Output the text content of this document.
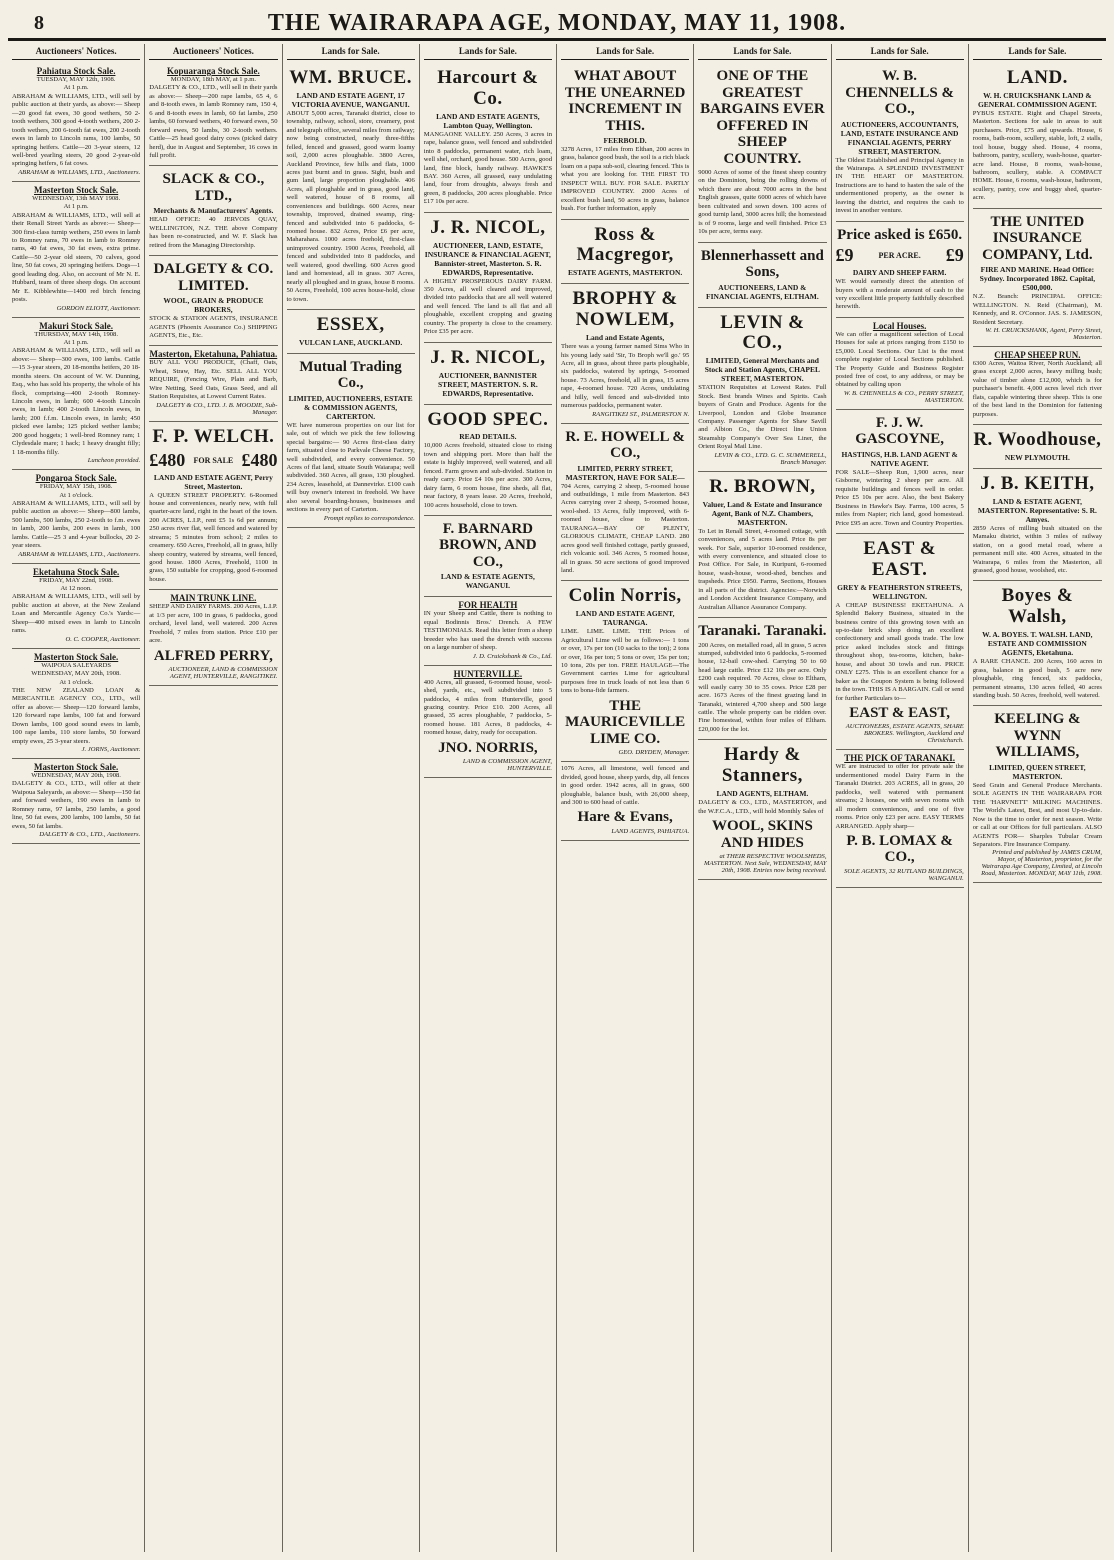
8	THE WAIRARAPA AGE, MONDAY, MAY 11, 1908.
Auctioneers' Notices.
Pahiatua Stock Sale.
TUESDAY, MAY 12th, 1908.
At 1 p.m.
ABRAHAM & WILLIAMS, LTD., will sell by public auction at their yards, as above:— Sheep—20 good fat ewes, 30 good wethers, 50 2-tooth wethers, 300 good 4-tooth wethers, 200 2-tooth wethers, 200 6-tooth fat ewes, 200 2-tooth ewes in lamb to Lincoln rams, 100 lambs, 50 springing heifers. Cattle—20 3-year steers, 12 well-bred yearling steers, 20 good 2-year-old springing heifers, 6 fat cows.
ABRAHAM & WILLIAMS, LTD., Auctioneers.
Masterton Stock Sale.
WEDNESDAY, 13th MAY 1908.
At 1 p.m.
ABRAHAM & WILLIAMS, LTD., will sell at their Renall Street Yards as above:— Sheep—300 first-class turnip wethers, 250 ewes in lamb to Romney rams, 70 ewes in lamb to Romney rams, 40 fat ewes, 30 fat ewes, extra prime. Cattle—50 2-year old steers, 70 calves, good line, 50 fat cows, 20 springing heifers. Dogs—1 good leading dog. Also, on account of Mr N. E. Hubbard, team of three sheep dogs. On account Mr E. Kibblewhite—1400 red birch fencing posts.
GORDON ELIOTT, Auctioneer.
Makuri Stock Sale.
THURSDAY, MAY 14th, 1908.
At 1 p.m.
ABRAHAM & WILLIAMS, LTD., will sell as above:— Sheep—300 ewes, 100 lambs. Cattle—15 3-year steers, 20 18-months heifers, 20 18-months steers. On account of W. W. Dunning, Esq., who has sold his property, the whole of his flock, comprising—400 2-tooth Romney-Lincoln ewes, in lamb; 600 4-tooth Lincoln ewes, in lamb; 400 2-tooth Lincoln ewes, in lamb; 200 f.f.m. Lincoln ewes, in lamb; 450 picked ewe lambs; 125 picked wether lambs; 200 good hoggets; 1 well-bred Romney ram; 1 Clydesdale mare; 1 hack; 1 heavy draught filly; 1 18-months filly.
Luncheon provided.
Pongaroa Stock Sale.
FRIDAY, MAY 15th, 1908.
At 1 o'clock.
ABRAHAM & WILLIAMS, LTD., will sell by public auction as above:— Sheep—800 lambs, 500 lambs, 500 lambs, 250 2-tooth to f.m. ewes in lamb, 200 lambs, 200 ewes in lamb, 100 lambs. Cattle—25 3 and 4-year bullocks, 20 2-year steers.
ABRAHAM & WILLIAMS, LTD., Auctioneers.
Eketahuna Stock Sale.
FRIDAY, MAY 22nd, 1908.
At 12 noon.
ABRAHAM & WILLIAMS, LTD., will sell by public auction at above, at the New Zealand Loan and Mercantile Agency Co.'s Yards:— Sheep—400 mixed ewes in lamb to Lincoln rams.
O. C. COOPER, Auctioneer.
Masterton Stock Sale.
WAIPOUA SALEYARDS
WEDNESDAY, MAY 20th, 1908.
At 1 o'clock.
THE NEW ZEALAND LOAN & MERCANTILE AGENCY CO., LTD., will offer as above:— Sheep—120 forward lambs, 120 forward rape lambs, 100 fat and forward Down lambs, 100 good sound ewes in lamb, 100 rape lambs, 110 store lambs, 50 forward empty ewes, 25 3-year steers.
J. JORNS, Auctioneer.
Masterton Stock Sale.
WEDNESDAY, MAY 20th, 1908.
DALGETY & CO., LTD., will offer at their Waipoua Saleyards, as above:— Sheep—150 fat and forward wethers, 190 ewes in lamb to Romney rams, 97 lambs, 250 lambs, a good line, 50 fat ewes, 200 lambs, 100 lambs, 50 fat ewes, 50 fat lambs.
DALGETY & CO., LTD., Auctioneers.
Auctioneers' Notices.
Kopuaranga Stock Sale.
MONDAY, 18th MAY, at 1 p.m.
DALGETY & CO., LTD., will sell in their yards as above:— Sheep—200 rape lambs, 65 4, 6 and 8-tooth ewes, in lamb Romney ram, 150 4, 6 and 8-tooth ewes in lamb, 60 fat lambs, 250 lambs, 60 forward wethers, 40 forward ewes, 50 forward ewes, 50 lambs, 30 2-tooth wethers. Cattle—25 head good dairy cows (picked dairy herd), due in August and September, 16 cows in full profit.
SLACK & CO., LTD.,
Merchants & Manufacturers' Agents.
HEAD OFFICE: 40 JERVOIS QUAY, WELLINGTON, N.Z. THE above Company has been re-constructed, and W. F. Slack has retired from the Managing Directorship.
DALGETY & CO. LIMITED.
WOOL, GRAIN & PRODUCE BROKERS,
STOCK & STATION AGENTS, INSURANCE AGENTS (Phoenix Assurance Co.) SHIPPING AGENTS, Etc., Etc.
Masterton, Eketahuna, Pahiatua.
BUY ALL YOU PRODUCE, (Chaff, Oats, Wheat, Straw, Hay, Etc. SELL ALL YOU REQUIRE, (Fencing Wire, Plain and Barb, Wire Netting, Seed Oats, Grass Seed, and all Station Requisites, at Lowest Current Rates.
DALGETY & CO., LTD. J. B. MOODIE, Sub-Manager.
F. P. WELCH.
£480 FOR SALE £480
LAND AND ESTATE AGENT, Perry Street, Masterton.
A QUEEN STREET PROPERTY. 6-Roomed house and conveniences, nearly new, with full quarter-acre land, right in the heart of the town. 200 ACRES, L.I.P., rent £5 1s 6d per annum; 250 acres river flat, well fenced and watered by streams; 5 minutes from school; 2 miles to creamery. 650 Acres, Freehold, all in grass, hilly sheep country, watered by streams, well fenced, good house. 1800 Acres, Freehold, 1100 in grass, 150 suitable for cropping, good 6-roomed house.
MAIN TRUNK LINE.
SHEEP AND DAIRY FARMS. 200 Acres, L.I.P. at 1/3 per acre, 100 in grass, 6 paddocks, good orchard, level land, well watered. 200 Acres Freehold, 7 miles from station. Price £10 per acre.
ALFRED PERRY,
AUCTIONEER, LAND & COMMISSION AGENT, HUNTERVILLE, RANGITIKEI.
Lands for Sale.
WM. BRUCE.
LAND AND ESTATE AGENT, 17 VICTORIA AVENUE, WANGANUI.
ABOUT 5,000 acres, Taranaki district, close to township, railway, school, store, creamery, post and telegraph office, several miles from railway; now being constructed, nearly three-fifths felled, fenced and grassed, good warm loamy soil, 2,000 acres ploughable. 3800 Acres, Auckland Province, few hills and flats, 1000 acres just burnt and in grass. Sight, bush and gum land, large proportion ploughable. 406 Acres, all ploughable and in grass, good land, well watered, house of 8 rooms, all conveniences and buildings. 600 Acres, near township, improved, drained swamp, ring-fenced and subdivided into 6 paddocks, 6-roomed house. 832 Acres, Price £6 per acre, Maharahara. 1000 acres freehold, first-class unimproved country. 1900 Acres, Freehold, all fenced and subdivided into 8 paddocks, and well watered, good dwelling. 600 Acres good land and homestead, all in grass. 307 Acres, nearly all ploughed and in grass, house 8 rooms. 50 Acres, Freehold, 100 acres house-hold, close to town.
ESSEX,
VULCAN LANE, AUCKLAND.
Mutual Trading Co.,
LIMITED, AUCTIONEERS, ESTATE & COMMISSION AGENTS, CARTERTON.
WE have numerous properties on our list for sale, out of which we pick the few following special bargains:— 90 Acres first-class dairy farm, situated close to Parkvale Cheese Factory, well subdivided, and every convenience. 50 Acres of flat land, situate South Waiarapa; well subdivided. 360 Acres, all grass, 130 ploughed. 234 Acres, leasehold, at Dannevirke. £100 cash will buy owner's interest in freehold. We have also several boarding-houses, businesses and sections in every part of Carterton.
Prompt replies to correspondence.
Lands for Sale.
Harcourt & Co.
LAND AND ESTATE AGENTS, Lambton Quay, Wellington.
MANGAONE VALLEY. 250 Acres, 3 acres in rape, balance grass, well fenced and subdivided into 8 paddocks, permanent water, rich loam, well shel, orchard, good house. 500 Acres, good land, fine block, handy railway. HAWKE'S BAY. 360 Acres, all grassed, easy undulating land, four from droughts, always fresh and green, 8 paddocks, 200 acres ploughable. Price £17 10s per acre.
J. R. NICOL,
AUCTIONEER, LAND, ESTATE, INSURANCE & FINANCIAL AGENT, Bannister-street, Masterton. S. R. EDWARDS, Representative.
A HIGHLY PROSPEROUS DAIRY FARM. 350 Acres, all well cleared and improved, divided into paddocks that are all well watered and well fenced. The land is all flat and all ploughable, excellent cropping and grazing country. The property is close to the creamery. Price £35 per acre.
J. R. NICOL,
AUCTIONEER, BANNISTER STREET, MASTERTON. S. R. EDWARDS, Representative.
GOOD SPEC.
READ DETAILS.
10,000 Acres freehold, situated close to rising town and shipping port. More than half the estate is highly improved, well watered, and all fenced. Farm grown and sub-divided. Station in ready carry. Price £4 10s per acre. 300 Acres, dairy farm, 6 room house, fine sheds, all flat, near factory, 8 years lease. 20 Acres, freehold, 100 acres household, close to town.
F. BARNARD BROWN, AND CO.,
LAND & ESTATE AGENTS, WANGANUI.
FOR HEALTH
IN your Sheep and Cattle, there is nothing to equal Bodinnis Bros.' Drench. A FEW TESTIMONIALS. Read this letter from a sheep breeder who has used the drench with success on a large number of sheep.
J. D. Cruickshank & Co., Ltd.
HUNTERVILLE.
400 Acres, all grassed, 6-roomed house, wool-shed, yards, etc., well subdivided into 5 paddocks, 4 miles from Hunterville, good grazing country. Price £10. 200 Acres, all grassed, 35 acres ploughable, 7 paddocks, 5-roomed house. 181 Acres, 8 paddocks, 4-roomed house, dairy, ready for occupation.
JNO. NORRIS,
LAND & COMMISSION AGENT, HUNTERVILLE.
Lands for Sale.
WHAT ABOUT THE UNEARNED INCREMENT IN THIS.
FEERBOLD.
3278 Acres, 17 miles from Elthan, 200 acres in grass, balance good bush, the soil is a rich black loam on a papa sub-soil, clearing fenced. This is what you are looking for. THE FIRST TO INSPECT WILL BUY. FOR SALE. PARTLY IMPROVED COUNTRY. 2000 Acres of excellent bush land, 50 acres in grass, balance bush. For further information, apply
Ross & Macgregor,
ESTATE AGENTS, MASTERTON.
BROPHY & NOWLEM,
Land and Estate Agents,
There was a young farmer named Sims Who in his young lady said 'Sir, To Broph we'll go.' 95 Acre, all in grass, about three parts ploughable, six paddocks, watered by springs, 5-roomed house. 73 Acres, freehold, all in grass, 15 acres rape, 4-roomed house. 720 Acres, undulating and hilly, well fenced and sub-divided into numerous paddocks, permanent water.
RANGITIKEI ST., PALMERSTON N.
R. E. HOWELL & CO.,
LIMITED, PERRY STREET, MASTERTON, HAVE FOR SALE—
704 Acres, carrying 2 sheep, 5-roomed house and outbuildings, 1 mile from Masterton. 843 Acres carrying over 2 sheep, 5-roomed house, wool-shed. 13 Acres, fully improved, with 6-roomed house, close to Masterton. TAURANGA—BAY OF PLENTY, GLORIOUS CLIMATE, CHEAP LAND. 280 acres good well finished cottage, partly grassed, rich volcanic soil. 346 Acres, 5 roomed house, all in grass. 50 acre sections of good improved land.
Colin Norris,
LAND AND ESTATE AGENT, TAURANGA.
LIME. LIME. LIME. THE Prices of Agricultural Lime will be as follows:— 1 tons or over, 17s per ton (10 sacks to the ton); 2 tons or over, 16s per ton; 5 tons or over, 15s per ton; 10 tons, 20s per ton. FREE HAULAGE—The Government carries Lime for agricultural purposes free in truck loads of not less than 6 tons to bona-fide farmers.
THE MAURICEVILLE LIME CO.
GEO. DRYDEN, Manager.
1076 Acres, all limestone, well fenced and divided, good house, sheep yards, dip, all fences in good order. 1942 acres, all in grass, 600 ploughable, balance bush, with 26,000 sheep, and 300 to 600 head of cattle.
Hare & Evans,
LAND AGENTS, PAHIATUA.
Lands for Sale.
ONE OF THE GREATEST BARGAINS EVER OFFERED IN SHEEP COUNTRY.
9000 Acres of some of the finest sheep country on the Dominion, being the rolling downs of which there are about 7000 acres in the best English grasses, quite 6000 acres of which have been cultivated and sown down. 100 acres of good turnip land, 3000 acres hill; the homestead is of 9 rooms, large and well finished. Price £3 10s per acre, terms easy.
Blennerhassett and Sons,
AUCTIONEERS, LAND & FINANCIAL AGENTS, ELTHAM.
LEVIN & CO.,
LIMITED, General Merchants and Stock and Station Agents, CHAPEL STREET, MASTERTON.
STATION Requisites at Lowest Rates. Full Stock. Best brands Wines and Spirits. Cash buyers of Grain and Produce. Agents for the Liverpool, London and Globe Insurance Company. Passenger Agents for Shaw Savill and Albion Co., the Direct line Union Steamship Company's Over Sea Liner, the Orient Royal Mail Line.
LEVIN & CO., LTD. G. C. SUMMERELL, Branch Manager.
R. BROWN,
Valuer, Land & Estate and Insurance Agent, Bank of N.Z. Chambers, MASTERTON.
To Let in Renall Street, 4-roomed cottage, with conveniences, and 5 acres land. Price 8s per week. For Sale, superior 10-roomed residence, with every convenience, and situated close to Post Office. For Sale, in Kuripuni, 6-roomed house, wash-house, wood-shed, benches and trapsheds. Price £950. Farms, Sections, Houses in all parts of the district. Agencies:—Norwich and London Accident Insurance Company, and Australian Alliance Assurance Company.
Taranaki. Taranaki.
200 Acres, on metalled road, all in grass, 5 acres stumped, subdivided into 6 paddocks, 5-roomed house, 12-bail cow-shed. Carrying 50 to 60 head large cattle. Price £12 10s per acre. Only £200 cash required. 70 Acres, close to Eltham, will easily carry 30 to 35 cows. Price £28 per acre. 1673 Acres of the finest grazing land in Taranaki, wintered 4,700 sheep and 500 large cattle. The whole property can be ridden over. Fine homestead, within four miles of Eltham. £20,000 for the lot.
Hardy & Stanners,
LAND AGENTS, ELTHAM.
DALGETY & CO., LTD., MASTERTON, and the W.F.C.A., LTD., will hold Monthly Sales of
WOOL, SKINS AND HIDES
at THEIR RESPECTIVE WOOLSHEDS, MASTERTON. Next Sale, WEDNESDAY, MAY 20th, 1908. Entries now being received.
Lands for Sale.
W. B. CHENNELLS & CO.,
AUCTIONEERS, ACCOUNTANTS, LAND, ESTATE INSURANCE AND FINANCIAL AGENTS, PERRY STREET, MASTERTON.
The Oldest Established and Principal Agency in the Wairarapa. A SPLENDID INVESTMENT IN THE HEART OF MASTERTON. Instructions are to hand to hasten the sale of the undermentioned property, as the owner is leaving the district, and requires the cash to invest in another venture.
Price asked is £650.
£9	PER ACRE. £9
DAIRY AND SHEEP FARM.
WE would earnestly direct the attention of buyers with a moderate amount of cash to the very excellent little property faithfully described herewith.
Local Houses.
We can offer a magnificent selection of Local Houses for sale at prices ranging from £150 to £5,000. Local Sections. Our List is the most complete register of Local Sections published. The Property Guide and Business Register posted free of cost, to any address, or may be obtained by calling upon
W. B. CHENNELLS & CO., PERRY STREET, MASTERTON.
F. J. W. GASCOYNE,
HASTINGS, H.B. LAND AGENT & NATIVE AGENT.
FOR SALE—Sheep Run, 1,900 acres, near Gisborne, wintering 2 sheep per acre. All requisite buildings and fences well in order. Price £5 10s per acre. Also, the best Bakery Business in Hawke's Bay. Farms, 100 acres, 5 miles from Napier; rich land, good homestead. Price £95 an acre. Town and Country Properties.
EAST & EAST.
GREY & FEATHERSTON STREETS, WELLINGTON.
A CHEAP BUSINESS! EKETAHUNA. A Splendid Bakery Business, situated in the business centre of this growing town with an up-to-date brick shop doing an excellent confectionery and small goods trade. The low price asked includes stock and fittings throughout shop, tea-rooms, kitchen, bake-house, and about 30 towls and run. PRICE ONLY £275. This is an excellent chance for a baker as the Coupon System is being followed in the town. THIS IS A BARGAIN. Call or send for further Particulars to—
EAST & EAST,
AUCTIONEERS, ESTATE AGENTS, SHARE BROKERS. Wellington, Auckland and Christchurch.
THE PICK OF TARANAKI.
WE are instructed to offer for private sale the undermentioned model Dairy Farm in the Taranaki District. 203 ACRES, all in grass, 20 paddocks, well watered with permanent streams; 2 houses, one with seven rooms with all modern conveniences, and one of five rooms. Price only £23 per acre. EASY TERMS ARRANGED. Apply sharp—
P. B. LOMAX & CO.,
SOLE AGENTS, 32 RUTLAND BUILDINGS, WANGANUI.
Lands for Sale.
LAND.
W. H. CRUICKSHANK LAND & GENERAL COMMISSION AGENT.
PYBUS ESTATE. Right and Chapel Streets, Masterton. Sections for sale in areas to suit purchasers. Price, £75 and upwards. House, 6 rooms, bath-room, scullery, stable, loft, 2 stalls, tool house, buggy shed. House, 4 rooms, bathroom, pantry, scullery, wash-house, quarter-acre land. House, 8 rooms, wash-house, bathroom, scullery, stable. A COMPACT HOME. House, 6 rooms, wash-house, bathroom, scullery, pantry, cow and buggy shed, quarter-acre.
THE UNITED INSURANCE COMPANY, Ltd.
FIRE AND MARINE. Head Office: Sydney. Incorporated 1862. Capital, £500,000.
N.Z. Branch: PRINCIPAL OFFICE: WELLINGTON. N. Reid (Chairman), M. Kennedy, and R. O'Connor. JAS. S. JAMESON, Resident Secretary.
W. H. CRUICKSHANK, Agent, Perry Street, Masterton.
CHEAP SHEEP RUN.
6300 Acres, Waitoa River, North Auckland; all grass except 2,000 acres, heavy milling bush; value of timber alone £12,000, which is for purchaser's benefit. 4,000 acres level rich river flats, capable wintering three sheep. This is one of the best land in the Dominion for fattening purposes.
R. Woodhouse,
NEW PLYMOUTH.
J. B. KEITH,
LAND & ESTATE AGENT, MASTERTON. Representative: S. R. Amyes.
2859 Acres of milling bush situated on the Mamaku district, within 3 miles of railway station, on a good metal road, where a permanent mill site. 400 Acres, situated in the Wairarapa, 6 miles from the Masterton, all grassed, good house, woolshed, etc.
Boyes & Walsh,
W. A. BOYES. T. WALSH. LAND, ESTATE AND COMMISSION AGENTS, Eketahuna.
A RARE CHANCE. 200 Acres, 160 acres in grass, balance in good bush, 5 acre new ploughable, ring fenced, six paddocks, permanent streams, 130 acres felled, 40 acres standing bush. 50 Acres, freehold, well watered.
KEELING & WYNN WILLIAMS,
LIMITED, QUEEN STREET, MASTERTON.
Seed Grain and General Produce Merchants. SOLE AGENTS IN THE WAIRARAPA FOR THE 'HARVNETT' MILKING MACHINES. The World's Latest, Best, and most Up-to-date. Now is the time to order for next season. Write or call at our Offices for full particulars. ALSO AGENTS FOR— Sharples Tubular Cream Separators. Fire Insurance Company.
Printed and published by JAMES CRUM, Mayor, of Masterton, proprietor, for the Wairarapa Age Company, Limited, at Lincoln Road, Masterton. MONDAY, MAY 11th, 1908.
